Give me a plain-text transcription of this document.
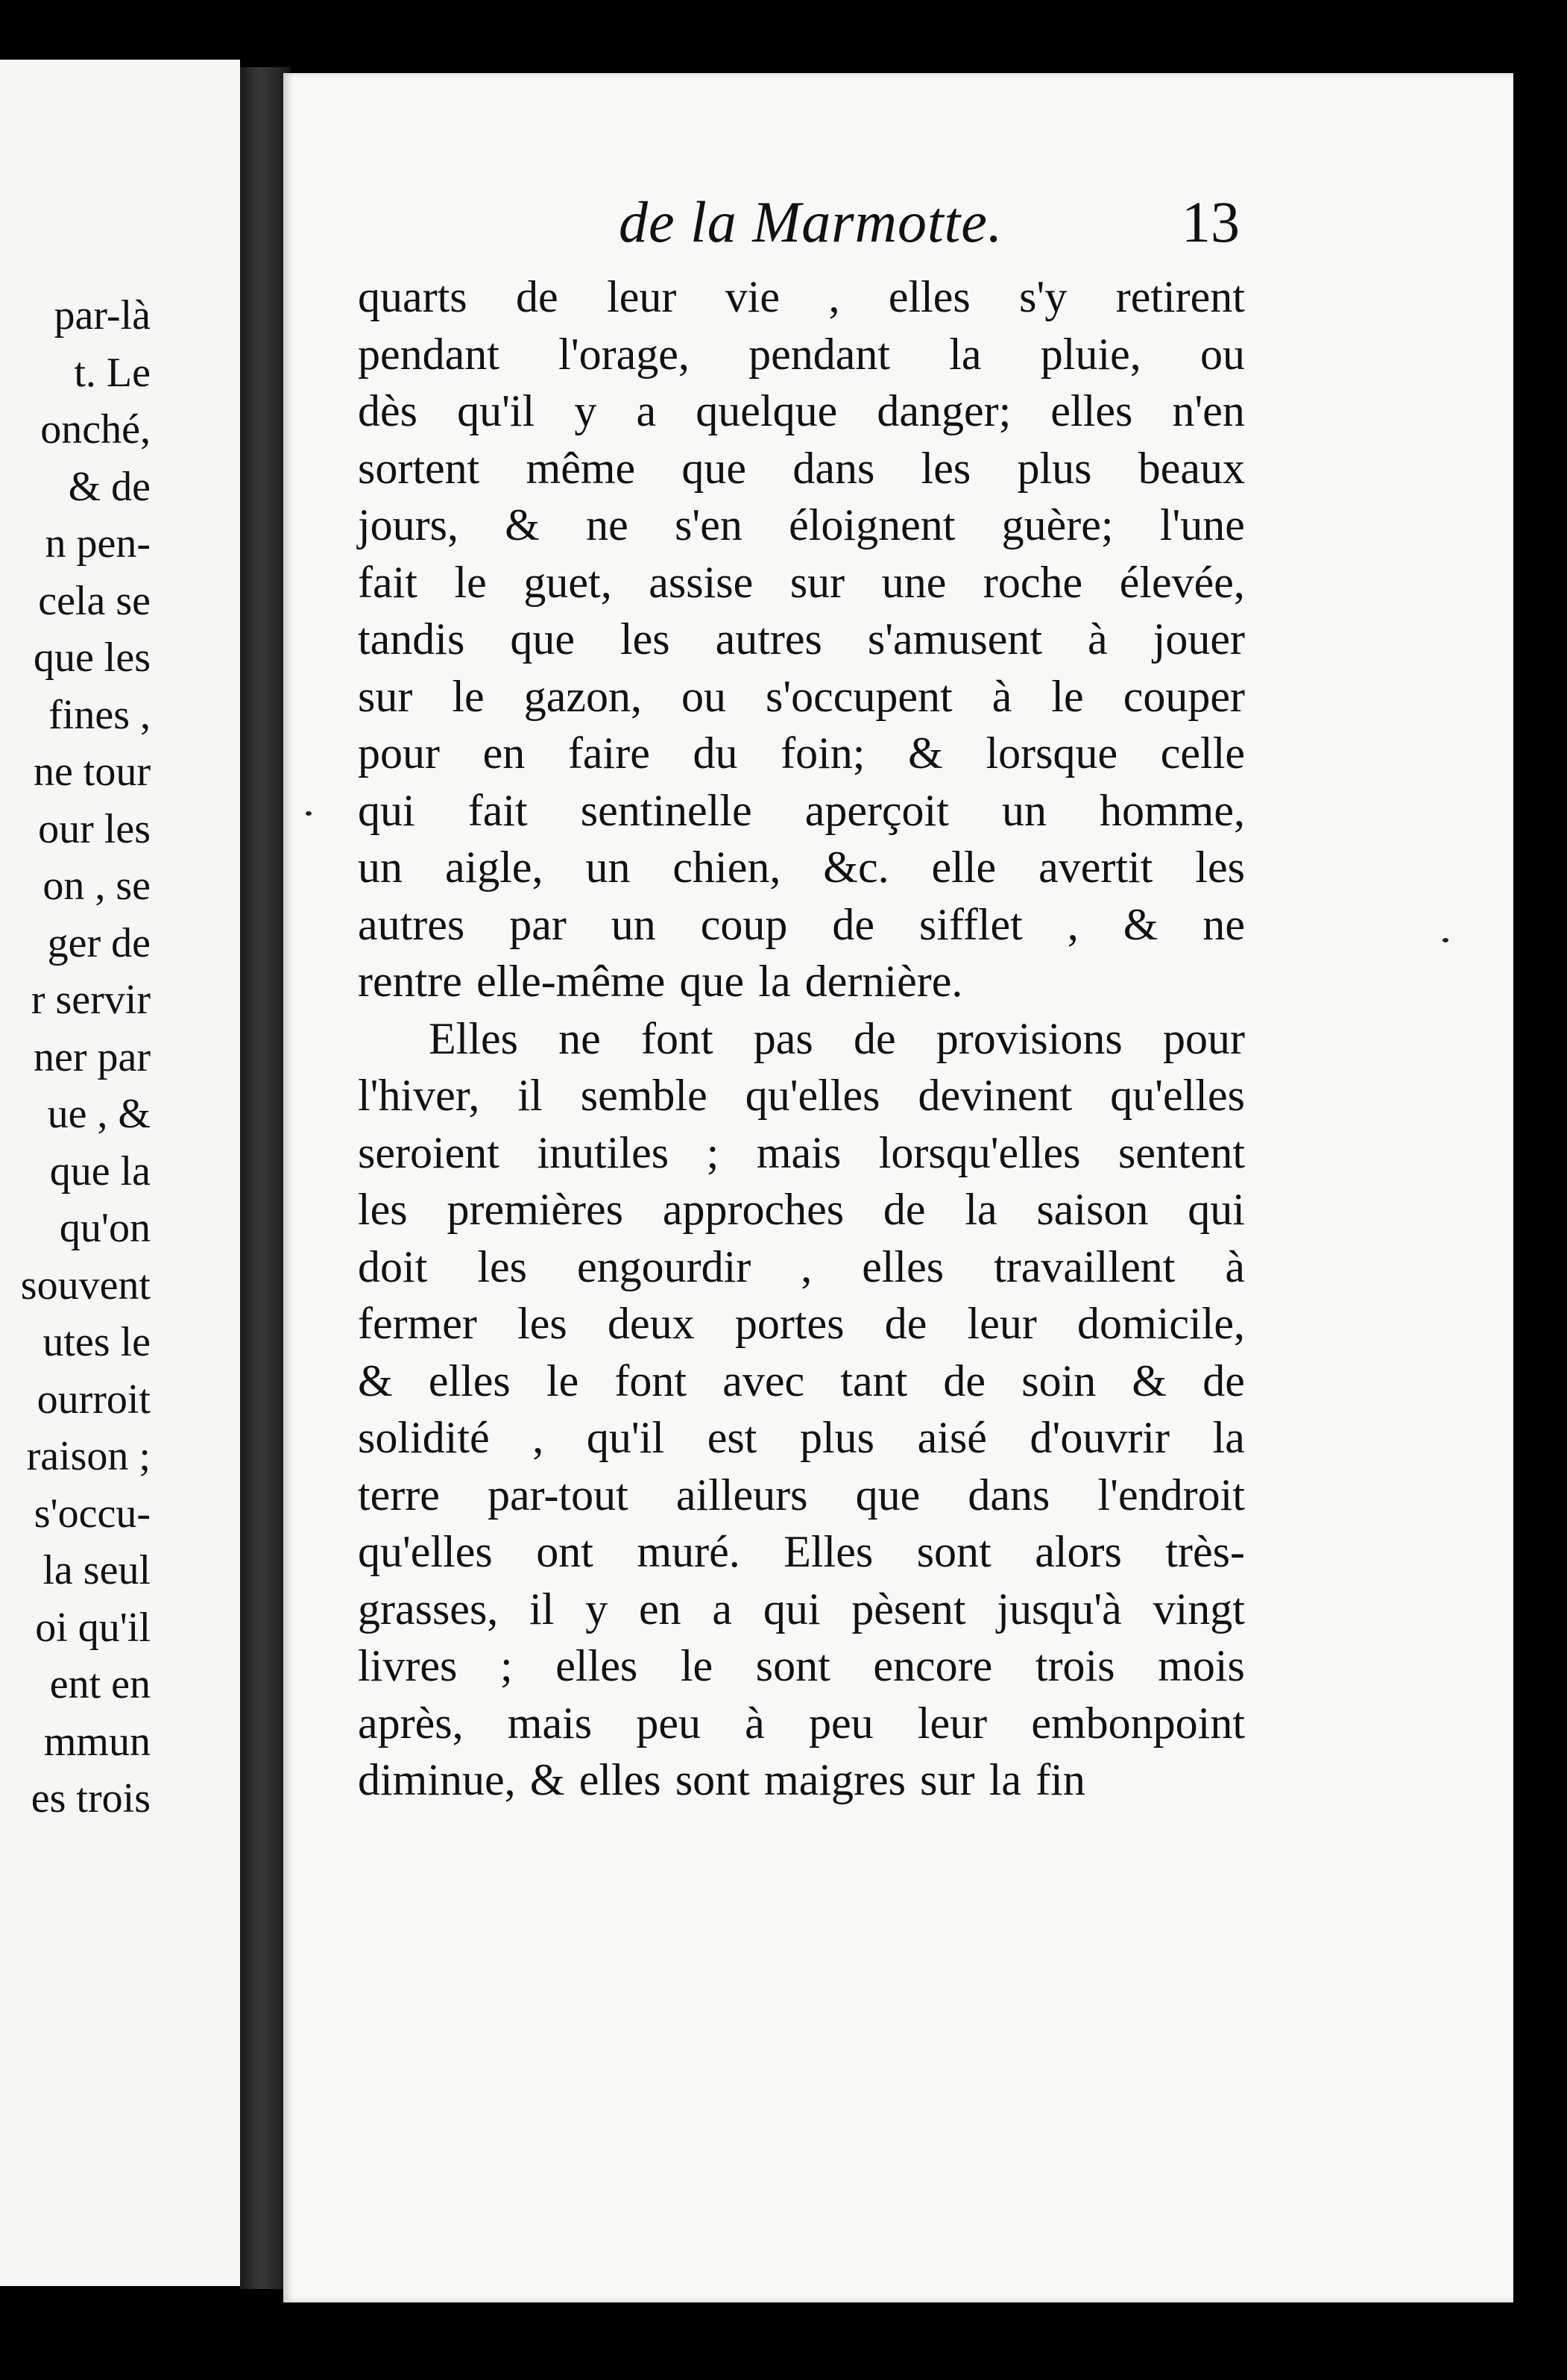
par-là
t. Le
onché,
& de
n pen-
cela se
que les
fines ,
ne tour
our les
on , se
ger de
r servir
ner par
ue , &
que la
qu'on
souvent
utes le
ourroit
raison ;
s'occu-
la seul
oi qu'il
ent en
mmun
es trois
de la Marmotte.	13
quarts de leur vie , elles s'y retirent
pendant l'orage, pendant la pluie, ou
dès qu'il y a quelque danger; elles n'en
sortent même que dans les plus beaux
jours, & ne s'en éloignent guère; l'une
fait le guet, assise sur une roche élevée,
tandis que les autres s'amusent à jouer
sur le gazon, ou s'occupent à le couper
pour en faire du foin; & lorsque celle
qui fait sentinelle aperçoit un homme,
un aigle, un chien, &c. elle avertit les
autres par un coup de sifflet , & ne
rentre elle-même que la dernière.
Elles ne font pas de provisions pour
l'hiver, il semble qu'elles devinent qu'elles
seroient inutiles ; mais lorsqu'elles sentent
les premières approches de la saison qui
doit les engourdir , elles travaillent à
fermer les deux portes de leur domicile,
& elles le font avec tant de soin & de
solidité , qu'il est plus aisé d'ouvrir la
terre par-tout ailleurs que dans l'endroit
qu'elles ont muré. Elles sont alors très-
grasses, il y en a qui pèsent jusqu'à vingt
livres ; elles le sont encore trois mois
après, mais peu à peu leur embonpoint
diminue, & elles sont maigres sur la fin
